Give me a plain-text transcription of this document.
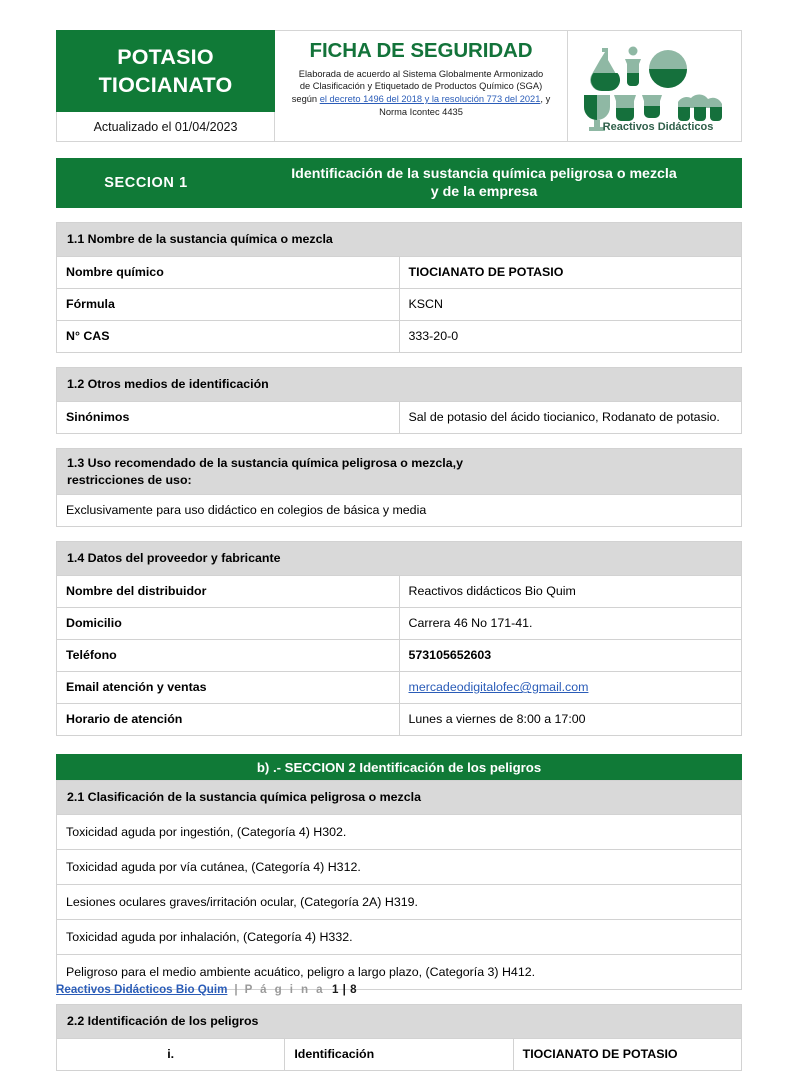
POTASIO
TIOCIANATO
Actualizado el 01/04/2023
FICHA DE SEGURIDAD
Elaborada de acuerdo al Sistema Globalmente Armonizado
de Clasificación y Etiquetado de Productos Químico (SGA)
según el decreto 1496 del 2018 y la resolución 773 del 2021, y Norma Icontec 4435
Reactivos Didácticos
SECCION 1
Identificación de la sustancia química peligrosa o mezcla
y de la empresa
1.1 Nombre de la sustancia química o mezcla	
Nombre químico	TIOCIANATO DE POTASIO
Fórmula	KSCN
N° CAS	333-20-0
1.2 Otros medios de identificación
Sinónimos	Sal de potasio del ácido tiocianico, Rodanato de potasio.
1.3 Uso recomendado de la sustancia química peligrosa o mezcla,y
restricciones de uso:
Exclusivamente para uso didáctico en colegios de básica y media
1.4 Datos del proveedor y fabricante	
Nombre del distribuidor	Reactivos didácticos Bio Quim
Domicilio	Carrera 46 No 171-41.
Teléfono	573105652603
Email atención y ventas	mercadeodigitalofec@gmail.com
Horario de atención	Lunes a viernes de 8:00 a 17:00
b) .- SECCION 2 Identificación de los peligros
2.1 Clasificación de la sustancia química peligrosa o mezcla
Toxicidad aguda por ingestión, (Categoría 4) H302.
Toxicidad aguda por vía cutánea, (Categoría 4) H312.
Lesiones oculares graves/irritación ocular, (Categoría 2A) H319.
Toxicidad aguda por inhalación, (Categoría 4) H332.
Peligroso para el medio ambiente acuático, peligro a largo plazo, (Categoría 3) H412.
2.2 Identificación de los peligros
i.	Identificación	TIOCIANATO DE POTASIO
Reactivos Didácticos Bio Quim | P á g i n a 1 | 8
